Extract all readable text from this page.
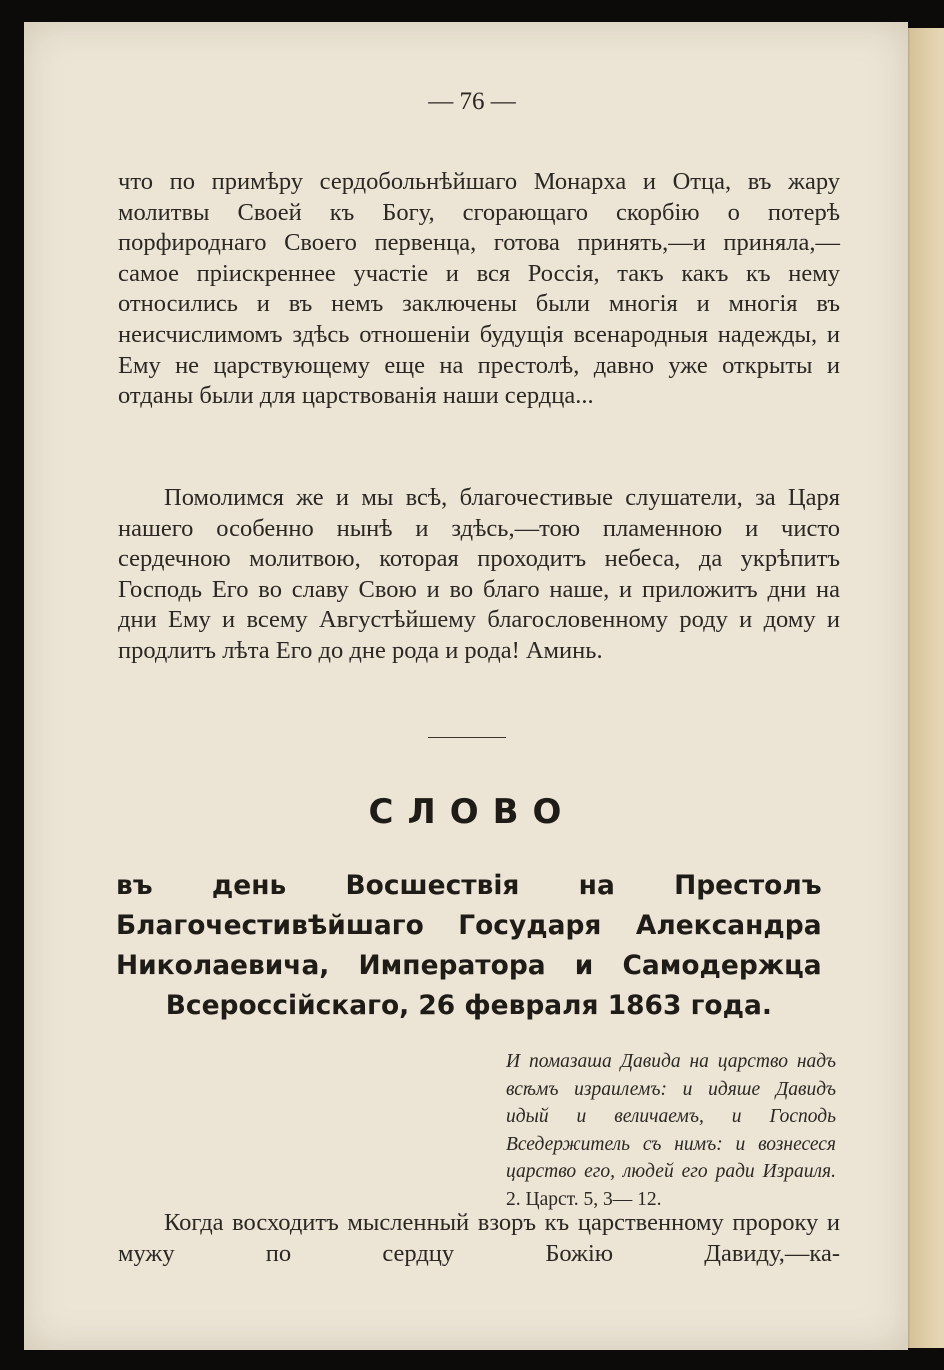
— 76 —

что по примѣру сердобольнѣйшаго Монарха и Отца, въ жару молитвы Своей къ Богу, сгорающаго скорбію о потерѣ порфироднаго Своего первенца, готова принять,—и приняла,—самое пріискреннее участіе и вся Россія, такъ какъ къ нему относились и въ немъ заключены были многія и многія въ неисчислимомъ здѣсь отношеніи будущія всенародныя надежды, и Ему не царствующему еще на престолѣ, давно уже открыты и отданы были для царствованія наши сердца...

Помолимся же и мы всѣ, благочестивые слушатели, за Царя нашего особенно нынѣ и здѣсь,—тою пламенною и чисто сердечною молитвою, которая проходитъ небеса, да укрѣпитъ Господь Его во славу Свою и во благо наше, и приложитъ дни на дни Ему и всему Августѣйшему благословенному роду и дому и продлитъ лѣта Его до дне рода и рода! Аминь.

СЛОВО

въ день Восшествія на Престолъ Благочестивѣйшаго Государя Александра Николаевича, Императора и Самодержца Всероссійскаго, 26 февраля 1863 года.

И помазаша Давида на царство надъ всѣмъ израилемъ: и идяше Давидъ идый и величаемъ, и Господь Вседержитель съ нимъ: и вознесеся царство его, людей его ради Израиля. 2. Царст. 5, 3— 12.

Когда восходитъ мысленный взоръ къ царственному пророку и мужу по сердцу Божію Давиду,—ка-
